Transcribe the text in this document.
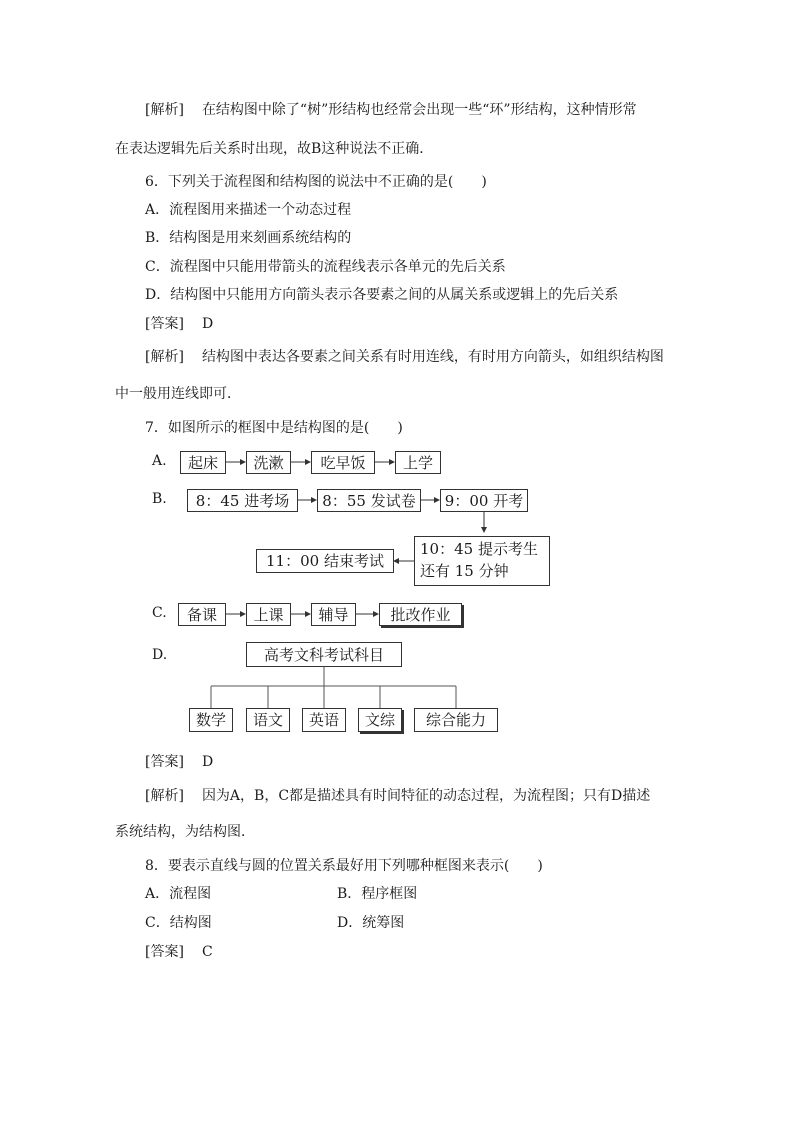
[解析] 在结构图中除了“树”形结构也经常会出现一些“环”形结构，这种情形常
在表达逻辑先后关系时出现，故B这种说法不正确．
6．下列关于流程图和结构图的说法中不正确的是(　　)
A．流程图用来描述一个动态过程
B．结构图是用来刻画系统结构的
C．流程图中只能用带箭头的流程线表示各单元的先后关系
D．结构图中只能用方向箭头表示各要素之间的从属关系或逻辑上的先后关系
[答案] D
[解析] 结构图中表达各要素之间关系有时用连线，有时用方向箭头，如组织结构图
中一般用连线即可．
7．如图所示的框图中是结构图的是(　　)
A.	起床	洗漱	吃早饭	上学
B.	8：45 进考场	8：55 发试卷	9：00 开考
10：45 提示考生
还有 15 分钟
11：00 结束考试
C.	备课	上课	辅导	批改作业
D.	高考文科考试科目
数学	语文	英语	文综	综合能力
[答案] D
[解析] 因为A，B，C都是描述具有时间特征的动态过程，为流程图；只有D描述
系统结构，为结构图．
8．要表示直线与圆的位置关系最好用下列哪种框图来表示(　　)
A．流程图	B．程序框图
C．结构图	D．统筹图
[答案] C
